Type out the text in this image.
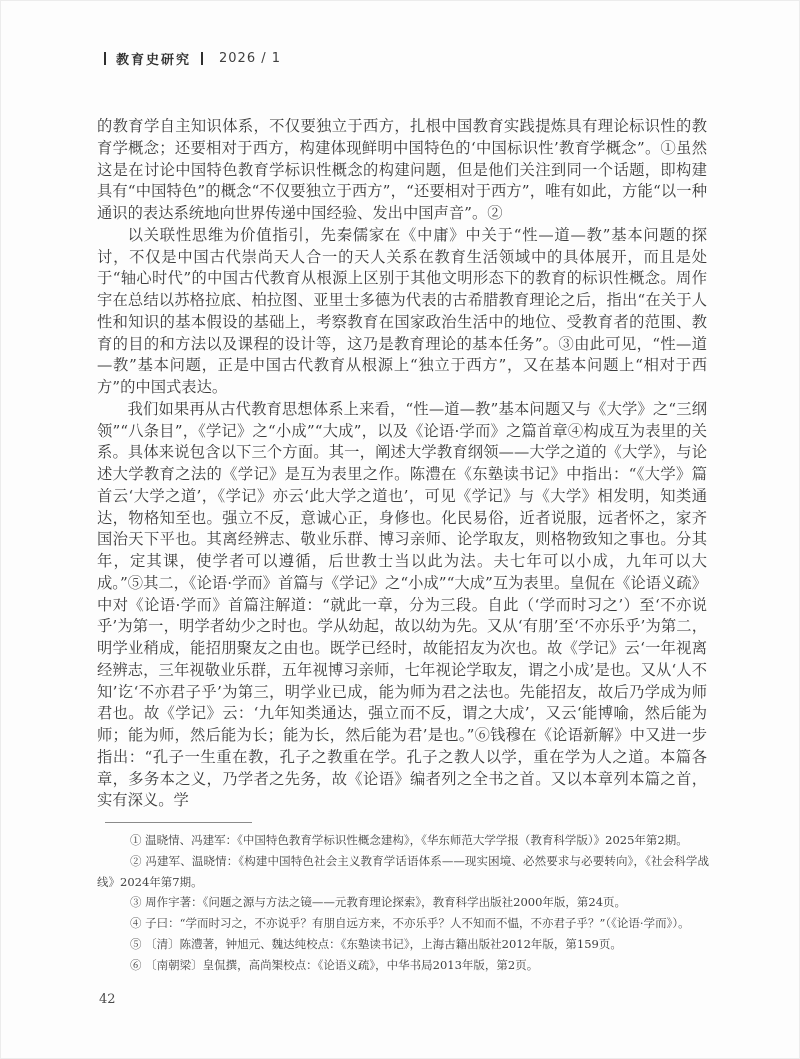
教育史研究 2026 / 1

的教育学自主知识体系，不仅要独立于西方，扎根中国教育实践提炼具有理论标识性的教育学概念；还要相对于西方，构建体现鲜明中国特色的‘中国标识性’教育学概念”。①虽然这是在讨论中国特色教育学标识性概念的构建问题，但是他们关注到同一个话题，即构建具有“中国特色”的概念“不仅要独立于西方”，“还要相对于西方”，唯有如此，方能“以一种通识的表达系统地向世界传递中国经验、发出中国声音”。②

以关联性思维为价值指引，先秦儒家在《中庸》中关于“性—道—教”基本问题的探讨，不仅是中国古代崇尚天人合一的天人关系在教育生活领域中的具体展开，而且是处于“轴心时代”的中国古代教育从根源上区别于其他文明形态下的教育的标识性概念。周作宇在总结以苏格拉底、柏拉图、亚里士多德为代表的古希腊教育理论之后，指出“在关于人性和知识的基本假设的基础上，考察教育在国家政治生活中的地位、受教育者的范围、教育的目的和方法以及课程的设计等，这乃是教育理论的基本任务”。③由此可见，“性—道—教”基本问题，正是中国古代教育从根源上“独立于西方”，又在基本问题上“相对于西方”的中国式表达。

我们如果再从古代教育思想体系上来看，“性—道—教”基本问题又与《大学》之“三纲领”“八条目”，《学记》之“小成”“大成”，以及《论语·学而》之篇首章④构成互为表里的关系。具体来说包含以下三个方面。其一，阐述大学教育纲领——大学之道的《大学》，与论述大学教育之法的《学记》是互为表里之作。陈澧在《东塾读书记》中指出：“《大学》篇首云‘大学之道’，《学记》亦云‘此大学之道也’，可见《学记》与《大学》相发明，知类通达，物格知至也。强立不反，意诚心正，身修也。化民易俗，近者说服，远者怀之，家齐国治天下平也。其离经辨志、敬业乐群、博习亲师、论学取友，则格物致知之事也。分其年，定其课，使学者可以遵循，后世教士当以此为法。夫七年可以小成，九年可以大成。”⑤其二，《论语·学而》首篇与《学记》之“小成”“大成”互为表里。皇侃在《论语义疏》中对《论语·学而》首篇注解道：“就此一章，分为三段。自此（‘学而时习之’）至‘不亦说乎’为第一，明学者幼少之时也。学从幼起，故以幼为先。又从‘有朋’至‘不亦乐乎’为第二，明学业稍成，能招朋聚友之由也。既学已经时，故能招友为次也。故《学记》云‘一年视离经辨志，三年视敬业乐群，五年视博习亲师，七年视论学取友，谓之小成’是也。又从‘人不知’讫‘不亦君子乎’为第三，明学业已成，能为师为君之法也。先能招友，故后乃学成为师君也。故《学记》云：‘九年知类通达，强立而不反，谓之大成’，又云‘能博喻，然后能为师；能为师，然后能为长；能为长，然后能为君’是也。”⑥钱穆在《论语新解》中又进一步指出：“孔子一生重在教，孔子之教重在学。孔子之教人以学，重在学为人之道。本篇各章，多务本之义，乃学者之先务，故《论语》编者列之全书之首。又以本章列本篇之首，实有深义。学

① 温晓情、冯建军：《中国特色教育学标识性概念建构》，《华东师范大学学报（教育科学版）》2025年第2期。

② 冯建军、温晓情：《构建中国特色社会主义教育学话语体系——现实困境、必然要求与必要转向》，《社会科学战线》2024年第7期。

③ 周作宇著：《问题之源与方法之镜——元教育理论探索》，教育科学出版社2000年版，第24页。

④ 子曰：“学而时习之，不亦说乎？有朋自远方来，不亦乐乎？人不知而不愠，不亦君子乎？”（《论语·学而》）。

⑤ 〔清〕陈澧著，钟旭元、魏达纯校点：《东塾读书记》，上海古籍出版社2012年版，第159页。

⑥ 〔南朝梁〕皇侃撰，高尚榘校点：《论语义疏》，中华书局2013年版，第2页。

42
